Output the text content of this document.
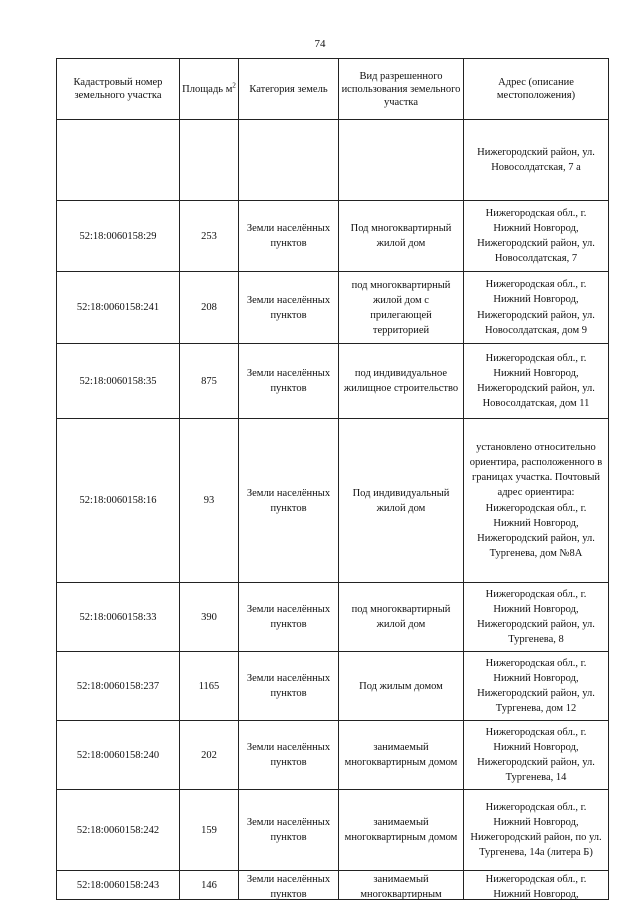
74
Кадастровый номер земельного участка	Площадь $м^2$	Категория земель	Вид разрешенного использования земельного участка	Адрес (описание местоположения)
				Нижегородский район, ул. Новосолдатская, 7 а
52:18:0060158:29	253	Земли населённых пунктов	Под многоквартирный жилой дом	Нижегородская обл., г. Нижний Новгород, Нижегородский район, ул. Новосолдатская, 7
52:18:0060158:241	208	Земли населённых пунктов	под многоквартирный жилой дом с прилегающей территорией	Нижегородская обл., г. Нижний Новгород, Нижегородский район, ул. Новосолдатская, дом 9
52:18:0060158:35	875	Земли населённых пунктов	под индивидуальное жилищное строительство	Нижегородская обл., г. Нижний Новгород, Нижегородский район, ул. Новосолдатская, дом 11
52:18:0060158:16	93	Земли населённых пунктов	Под индивидуальный жилой дом	установлено относительно ориентира, расположенного в границах участка. Почтовый адрес ориентира: Нижегородская обл., г. Нижний Новгород, Нижегородский район, ул. Тургенева, дом №8А
52:18:0060158:33	390	Земли населённых пунктов	под многоквартирный жилой дом	Нижегородская обл., г. Нижний Новгород, Нижегородский район, ул. Тургенева, 8
52:18:0060158:237	1165	Земли населённых пунктов	Под жилым домом	Нижегородская обл., г. Нижний Новгород, Нижегородский район, ул. Тургенева, дом 12
52:18:0060158:240	202	Земли населённых пунктов	занимаемый многоквартирным домом	Нижегородская обл., г. Нижний Новгород, Нижегородский район, ул. Тургенева, 14
52:18:0060158:242	159	Земли населённых пунктов	занимаемый многоквартирным домом	Нижегородская обл., г. Нижний Новгород, Нижегородский район, по ул. Тургенева, 14а (литера Б)
52:18:0060158:243	146	Земли населённых пунктов	занимаемый многоквартирным	Нижегородская обл., г. Нижний Новгород,
